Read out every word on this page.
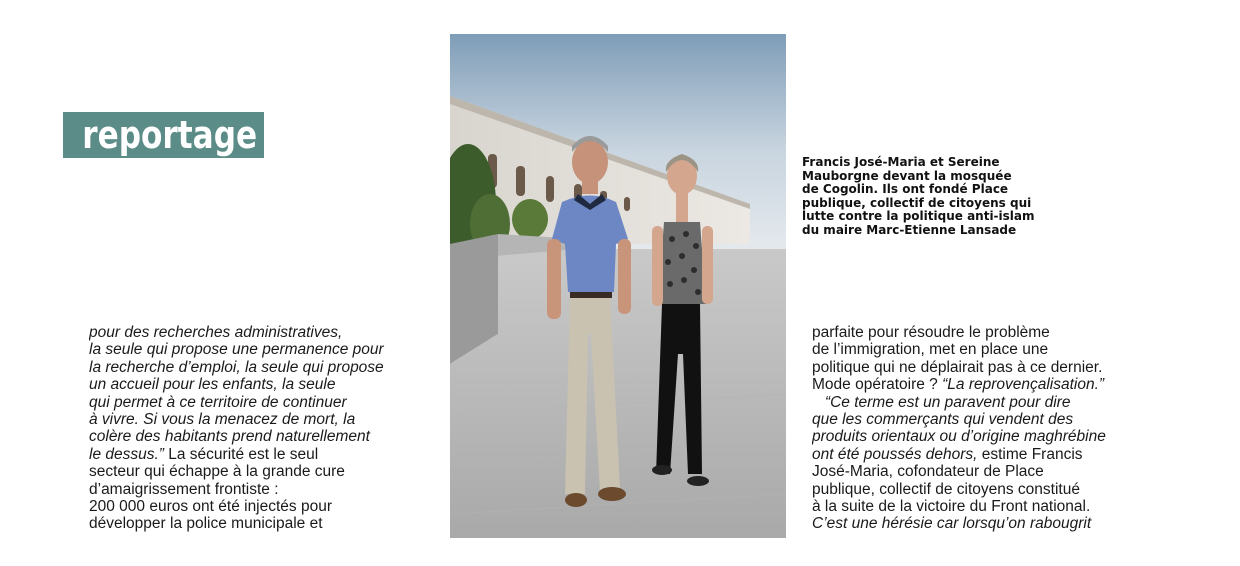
reportage
Francis José-Maria et Sereine
Mauborgne devant la mosquée
de Cogolin. Ils ont fondé Place
publique, collectif de citoyens qui
lutte contre la politique anti-islam
du maire Marc-Etienne Lansade
pour des recherches administratives,
la seule qui propose une permanence pour
la recherche d’emploi, la seule qui propose
un accueil pour les enfants, la seule
qui permet à ce territoire de continuer
à vivre. Si vous la menacez de mort, la
colère des habitants prend naturellement
le dessus.” La sécurité est le seul
secteur qui échappe à la grande cure
d’amaigrissement frontiste :
200 000 euros ont été injectés pour
développer la police municipale et
parfaite pour résoudre le problème
de l’immigration, met en place une
politique qui ne déplairait pas à ce dernier.
Mode opératoire ? “La reprovençalisation.”
“Ce terme est un paravent pour dire
que les commerçants qui vendent des
produits orientaux ou d’origine maghrébine
ont été poussés dehors, estime Francis
José-Maria, cofondateur de Place
publique, collectif de citoyens constitué
à la suite de la victoire du Front national.
C’est une hérésie car lorsqu’on rabougrit
